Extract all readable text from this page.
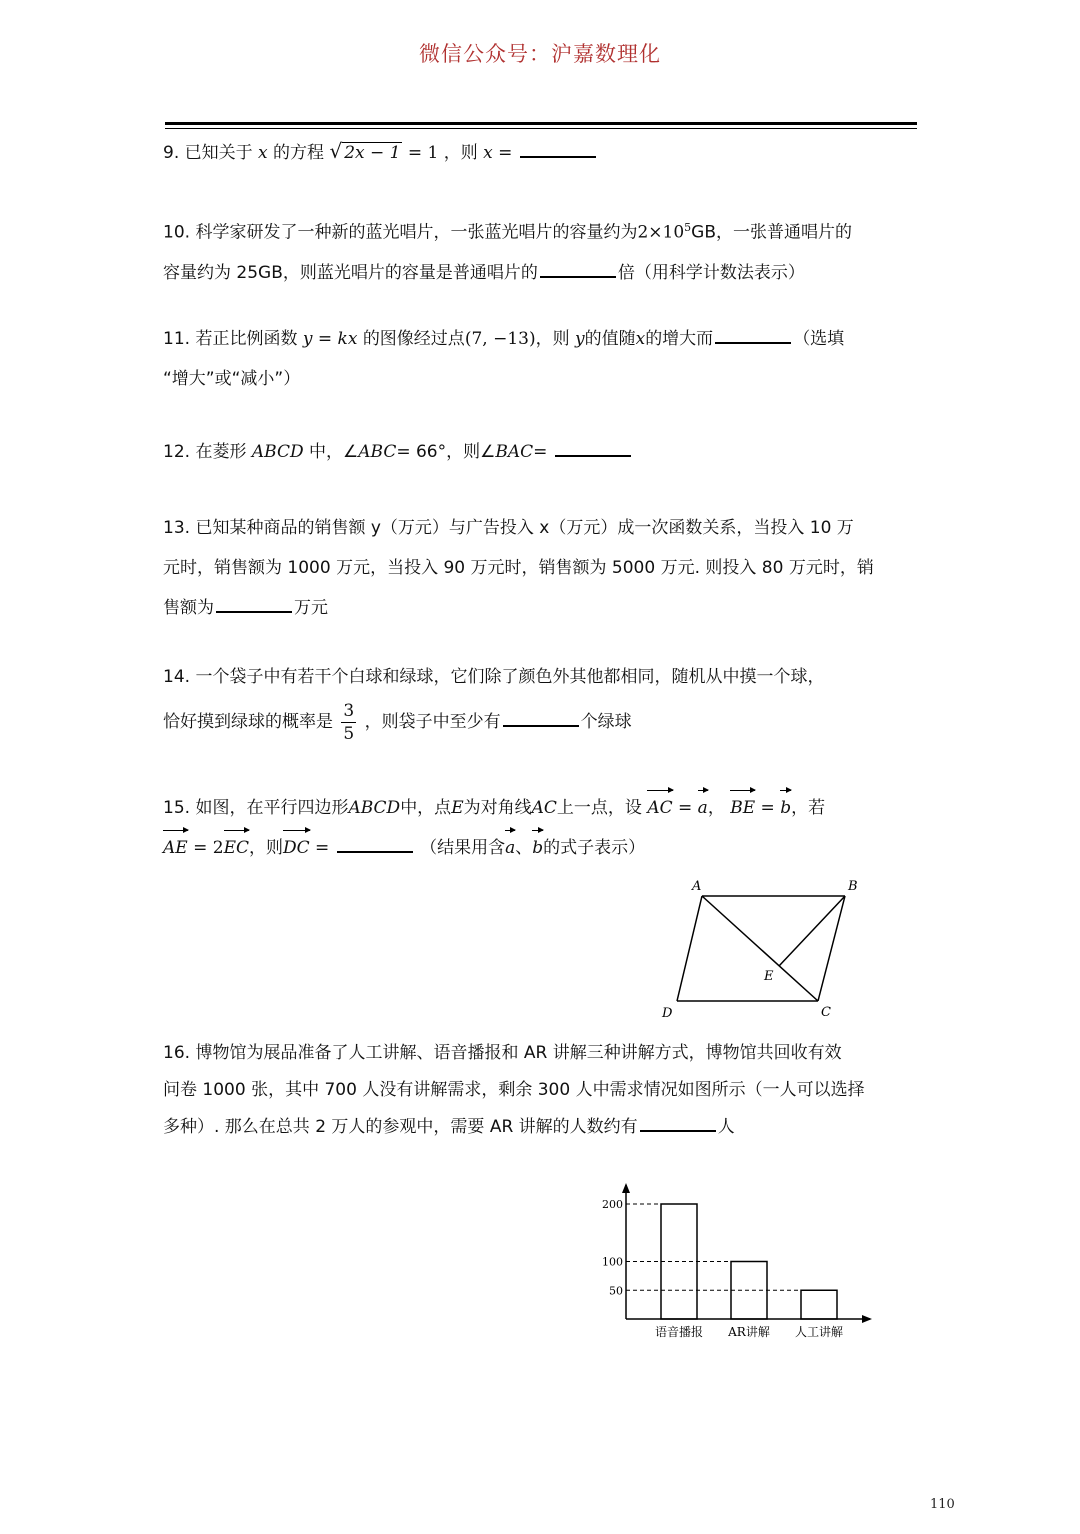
微信公众号：沪嘉数理化
9. 已知关于 x 的方程 √ 2x − 1 = 1 ，则 x =
10. 科学家研发了一种新的蓝光唱片，一张蓝光唱片的容量约为$2\times 10^5GB$，一张普通唱片的
容量约为 25GB，则蓝光唱片的容量是普通唱片的	倍（用科学计数法表示）
11. 若正比例函数 y = kx 的图像经过点(7, −13)，则 y的值随x的增大而	（选填
“增大”或“减小”）
12. 在菱形 ABCD 中，∠ABC= 66°，则∠BAC=
13. 已知某种商品的销售额 y（万元）与广告投入 x（万元）成一次函数关系，当投入 10 万
元时，销售额为 1000 万元，当投入 90 万元时，销售额为 5000 万元. 则投入 80 万元时，销
售额为	万元
14. 一个袋子中有若干个白球和绿球，它们除了颜色外其他都相同，随机从中摸一个球，
恰好摸到绿球的概率是 $\frac{3}{5}$ ，则袋子中至少有	个绿球
15. 如图，在平行四边形ABCD中，点E为对角线AC上一点，设 AC = a， BE = b，若
AE = 2EC，则DC =	（结果用含a、b的式子表示）
A	B
C
D
E
16. 博物馆为展品准备了人工讲解、语音播报和 AR 讲解三种讲解方式，博物馆共回收有效
问卷 1000 张，其中 700 人没有讲解需求，剩余 300 人中需求情况如图所示（一人可以选择
多种）. 那么在总共 2 万人的参观中，需要 AR 讲解的人数约有	人
语音播报 AR讲解 人工讲解
50
100
200
110
